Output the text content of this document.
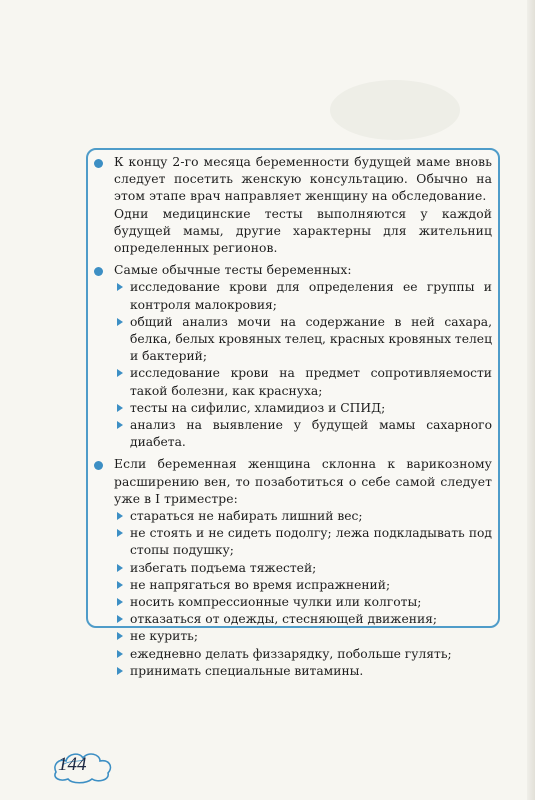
К концу 2-го месяца беременности будущей маме вновь следует посетить женскую консультацию. Обычно на этом этапе врач направляет женщину на обследование.

Одни медицинские тесты выполняются у каждой будущей мамы, другие характерны для жительниц определенных регионов.

Самые обычные тесты беременных:

исследование крови для определения ее группы и контроля малокровия;
общий анализ мочи на содержание в ней сахара, белка, белых кровяных телец, красных кровяных телец и бактерий;
исследование крови на предмет сопротивляемости такой болезни, как краснуха;
тесты на сифилис, хламидиоз и СПИД;
анализ на выявление у будущей мамы сахарного диабета.

Если беременная женщина склонна к варикозному расширению вен, то позаботиться о себе самой следует уже в I триместре:

стараться не набирать лишний вес;
не стоять и не сидеть подолгу; лежа подкладывать под стопы подушку;
избегать подъема тяжестей;
не напрягаться во время испражнений;
носить компрессионные чулки или колготы;
отказаться от одежды, стесняющей движения;
не курить;
ежедневно делать физзарядку, побольше гулять;
принимать специальные витамины.
144
